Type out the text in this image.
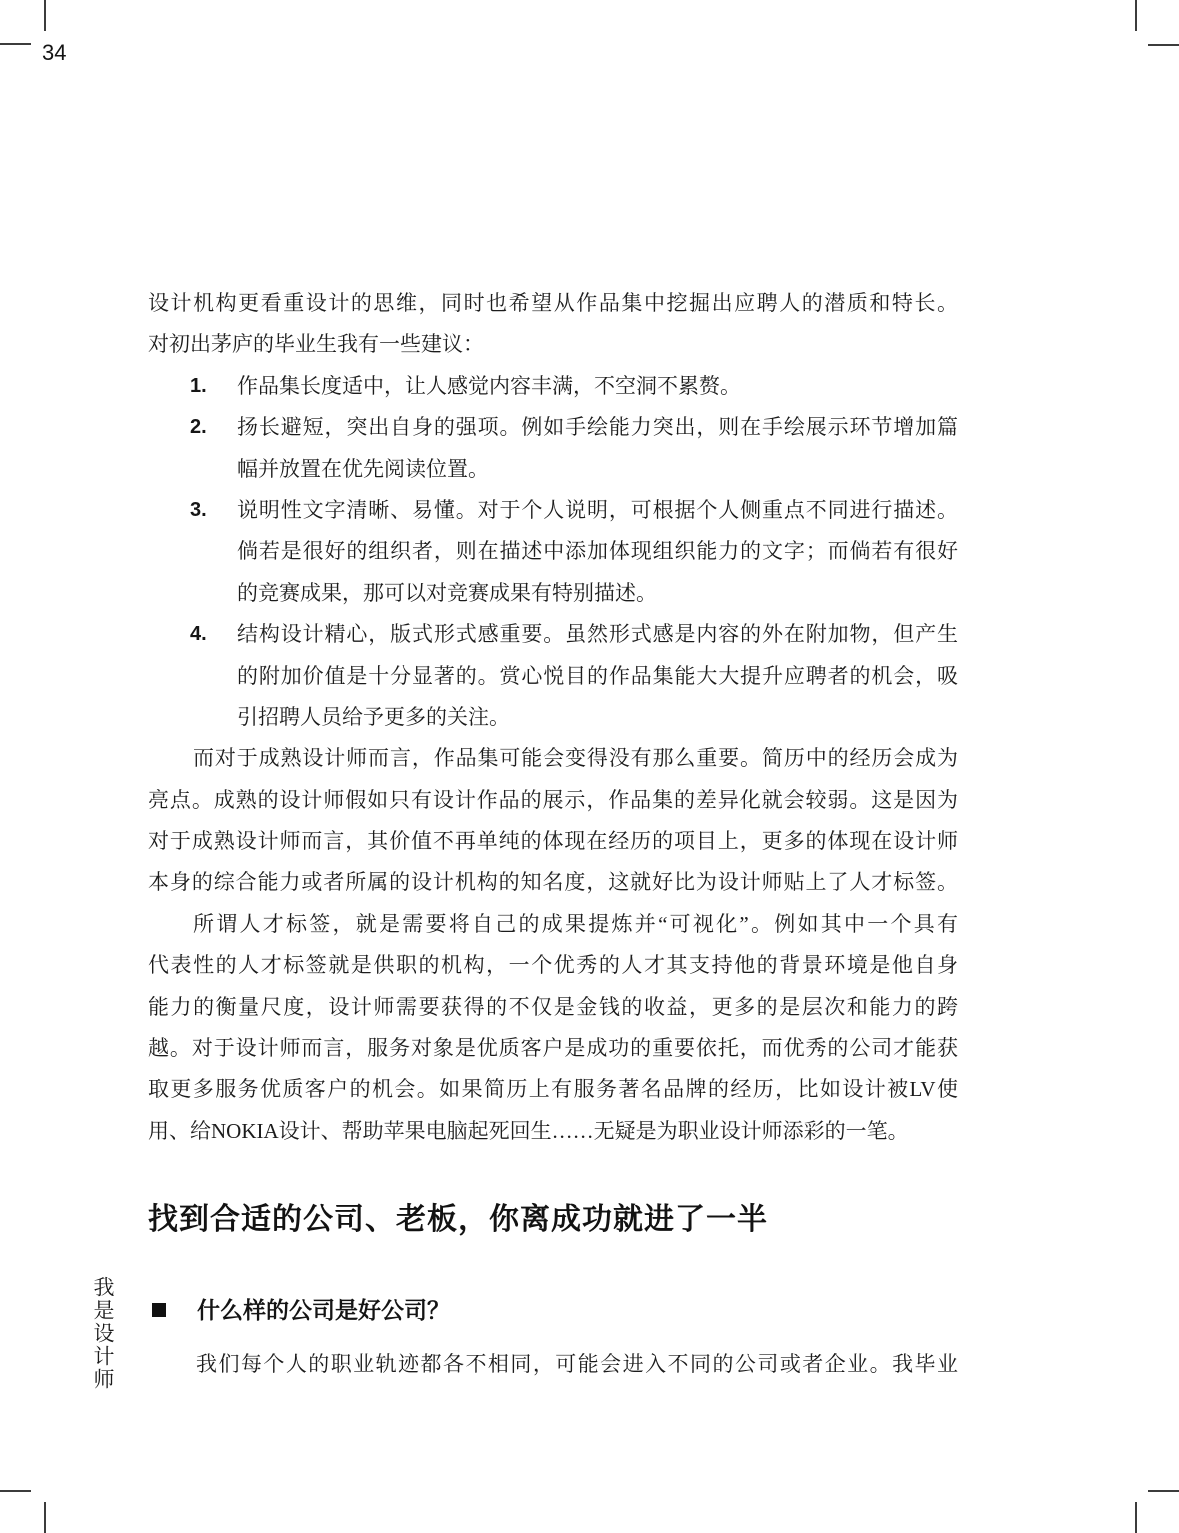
34
设计机构更看重设计的思维，同时也希望从作品集中挖掘出应聘人的潜质和特长。
对初出茅庐的毕业生我有一些建议：
1. 作品集长度适中，让人感觉内容丰满，不空洞不累赘。
2. 扬长避短，突出自身的强项。例如手绘能力突出，则在手绘展示环节增加篇
幅并放置在优先阅读位置。
3. 说明性文字清晰、易懂。对于个人说明，可根据个人侧重点不同进行描述。
倘若是很好的组织者，则在描述中添加体现组织能力的文字；而倘若有很好
的竞赛成果，那可以对竞赛成果有特别描述。
4. 结构设计精心，版式形式感重要。虽然形式感是内容的外在附加物，但产生
的附加价值是十分显著的。赏心悦目的作品集能大大提升应聘者的机会，吸
引招聘人员给予更多的关注。
而对于成熟设计师而言，作品集可能会变得没有那么重要。简历中的经历会成为
亮点。成熟的设计师假如只有设计作品的展示，作品集的差异化就会较弱。这是因为
对于成熟设计师而言，其价值不再单纯的体现在经历的项目上，更多的体现在设计师
本身的综合能力或者所属的设计机构的知名度，这就好比为设计师贴上了人才标签。
所谓人才标签，就是需要将自己的成果提炼并“可视化”。例如其中一个具有
代表性的人才标签就是供职的机构，一个优秀的人才其支持他的背景环境是他自身
能力的衡量尺度，设计师需要获得的不仅是金钱的收益，更多的是层次和能力的跨
越。对于设计师而言，服务对象是优质客户是成功的重要依托，而优秀的公司才能获
取更多服务优质客户的机会。如果简历上有服务著名品牌的经历，比如设计被LV使
用、给NOKIA设计、帮助苹果电脑起死回生……无疑是为职业设计师添彩的一笔。
找到合适的公司、老板，你离成功就进了一半
什么样的公司是好公司？
我们每个人的职业轨迹都各不相同，可能会进入不同的公司或者企业。我毕业
我是设计师
